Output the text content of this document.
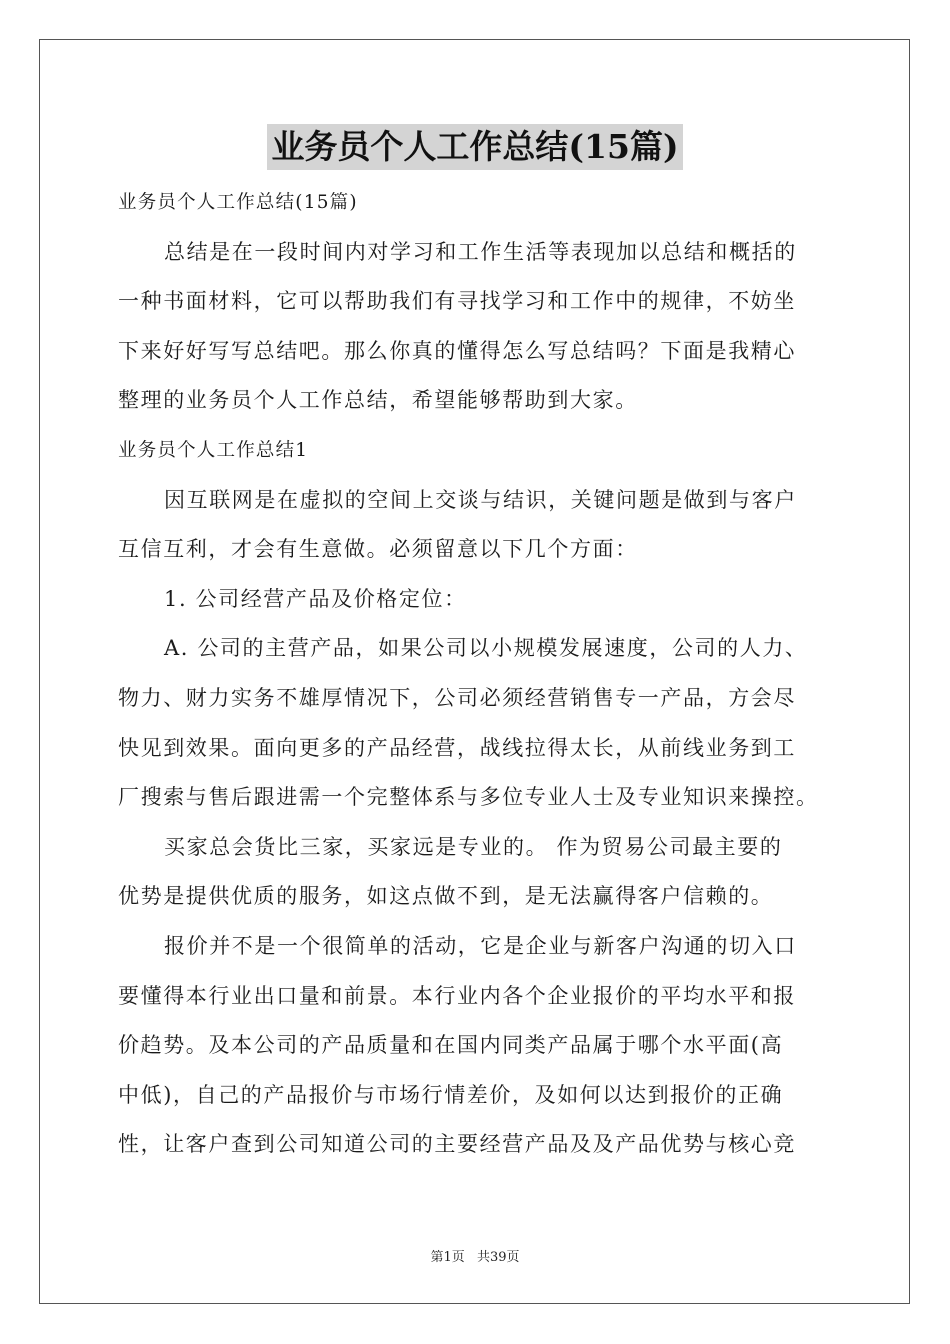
业务员个人工作总结(15篇)
业务员个人工作总结(15篇)
总结是在一段时间内对学习和工作生活等表现加以总结和概括的
一种书面材料，它可以帮助我们有寻找学习和工作中的规律，不妨坐
下来好好写写总结吧。那么你真的懂得怎么写总结吗？下面是我精心
整理的业务员个人工作总结，希望能够帮助到大家。
业务员个人工作总结1
因互联网是在虚拟的空间上交谈与结识，关键问题是做到与客户
互信互利，才会有生意做。必须留意以下几个方面：
1. 公司经营产品及价格定位：
A. 公司的主营产品，如果公司以小规模发展速度，公司的人力、
物力、财力实务不雄厚情况下，公司必须经营销售专一产品，方会尽
快见到效果。面向更多的产品经营，战线拉得太长，从前线业务到工
厂搜索与售后跟进需一个完整体系与多位专业人士及专业知识来操控。
买家总会货比三家，买家远是专业的。 作为贸易公司最主要的
优势是提供优质的服务，如这点做不到，是无法赢得客户信赖的。
报价并不是一个很简单的活动，它是企业与新客户沟通的切入口
要懂得本行业出口量和前景。本行业内各个企业报价的平均水平和报
价趋势。及本公司的产品质量和在国内同类产品属于哪个水平面(高
中低)，自己的产品报价与市场行情差价，及如何以达到报价的正确
性，让客户查到公司知道公司的主要经营产品及及产品优势与核心竞
第1页 共39页
